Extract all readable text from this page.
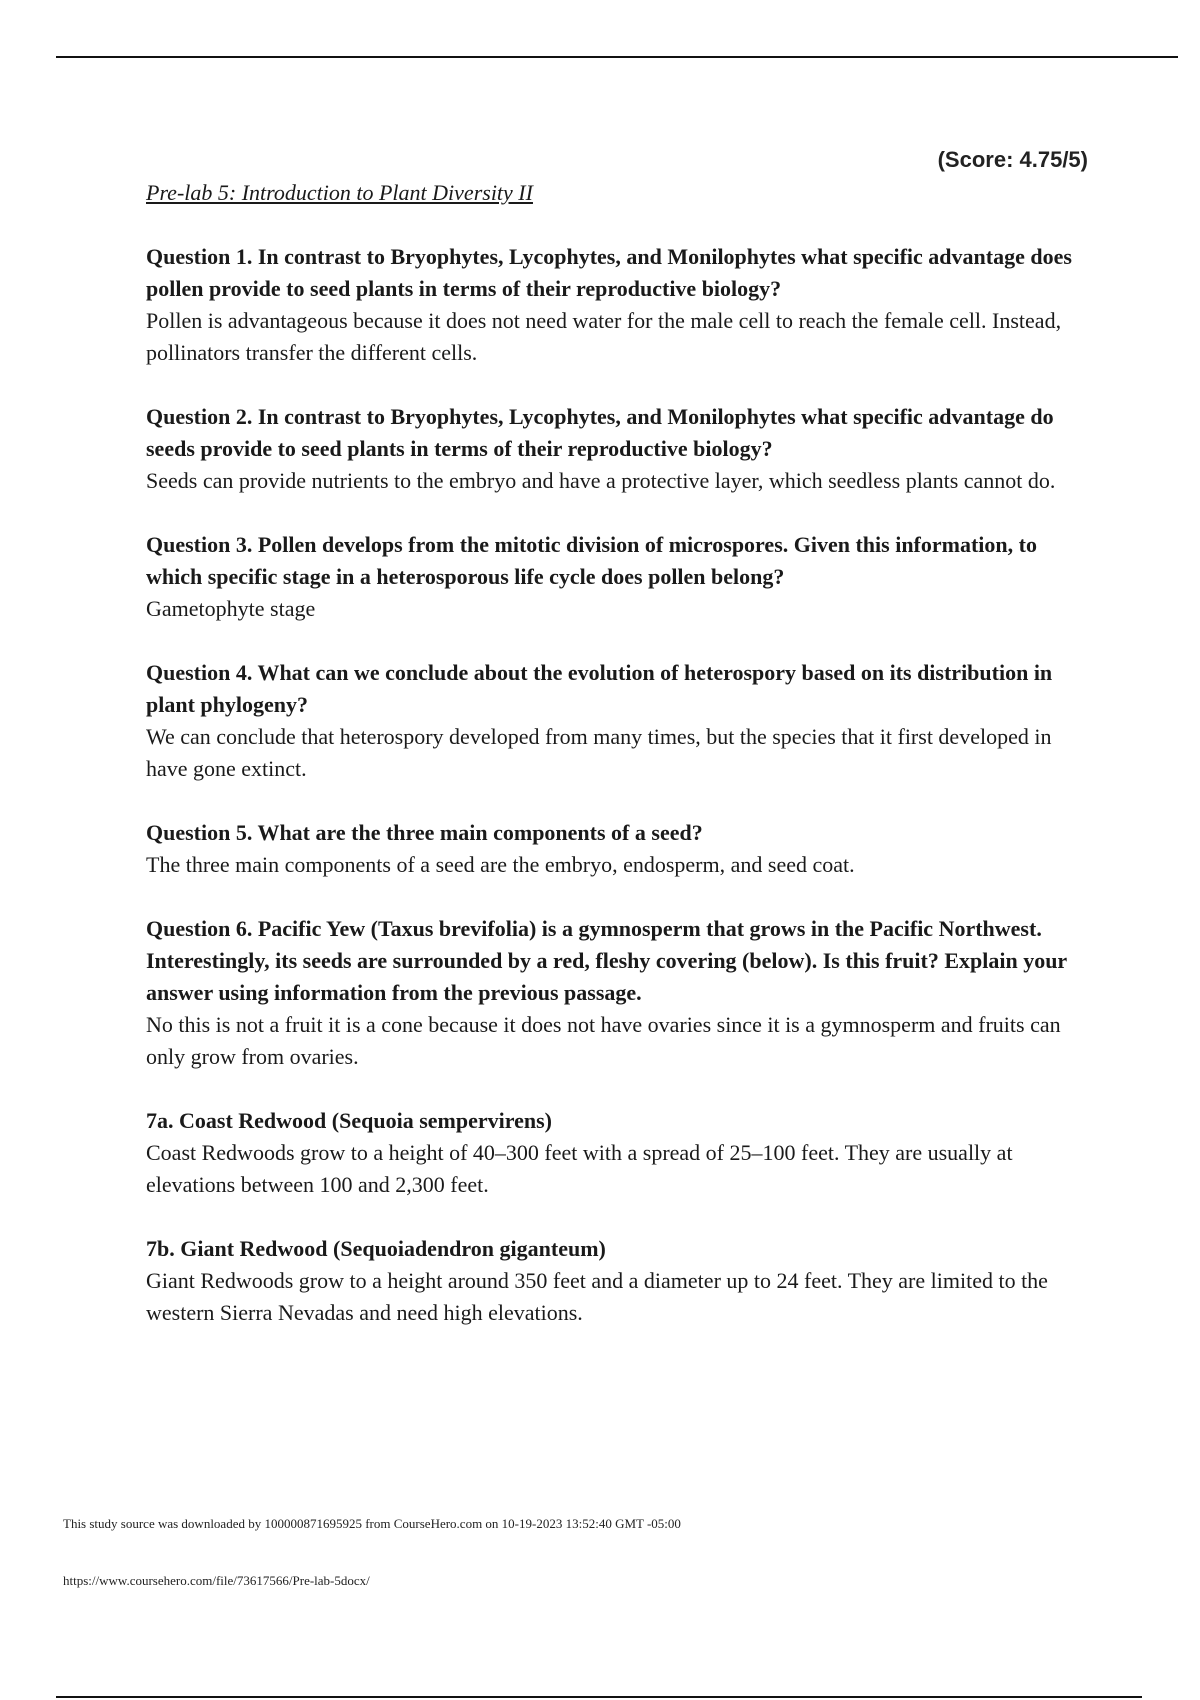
(Score: 4.75/5)
Pre-lab 5: Introduction to Plant Diversity II

Question 1. In contrast to Bryophytes, Lycophytes, and Monilophytes what specific advantage does pollen provide to seed plants in terms of their reproductive biology?

Pollen is advantageous because it does not need water for the male cell to reach the female cell. Instead, pollinators transfer the different cells.

Question 2. In contrast to Bryophytes, Lycophytes, and Monilophytes what specific advantage do seeds provide to seed plants in terms of their reproductive biology?

Seeds can provide nutrients to the embryo and have a protective layer, which seedless plants cannot do.

Question 3. Pollen develops from the mitotic division of microspores. Given this information, to which specific stage in a heterosporous life cycle does pollen belong?

Gametophyte stage

Question 4. What can we conclude about the evolution of heterospory based on its distribution in plant phylogeny?

We can conclude that heterospory developed from many times, but the species that it first developed in have gone extinct.

Question 5. What are the three main components of a seed?

The three main components of a seed are the embryo, endosperm, and seed coat.

Question 6. Pacific Yew (Taxus brevifolia) is a gymnosperm that grows in the Pacific Northwest. Interestingly, its seeds are surrounded by a red, fleshy covering (below). Is this fruit? Explain your answer using information from the previous passage.

No this is not a fruit it is a cone because it does not have ovaries since it is a gymnosperm and fruits can only grow from ovaries.

7a. Coast Redwood (Sequoia sempervirens)

Coast Redwoods grow to a height of 40–300 feet with a spread of 25–100 feet. They are usually at elevations between 100 and 2,300 feet.

7b. Giant Redwood (Sequoiadendron giganteum)

Giant Redwoods grow to a height around 350 feet and a diameter up to 24 feet. They are limited to the western Sierra Nevadas and need high elevations.

This study source was downloaded by 100000871695925 from CourseHero.com on 10-19-2023 13:52:40 GMT -05:00
https://www.coursehero.com/file/73617566/Pre-lab-5docx/
